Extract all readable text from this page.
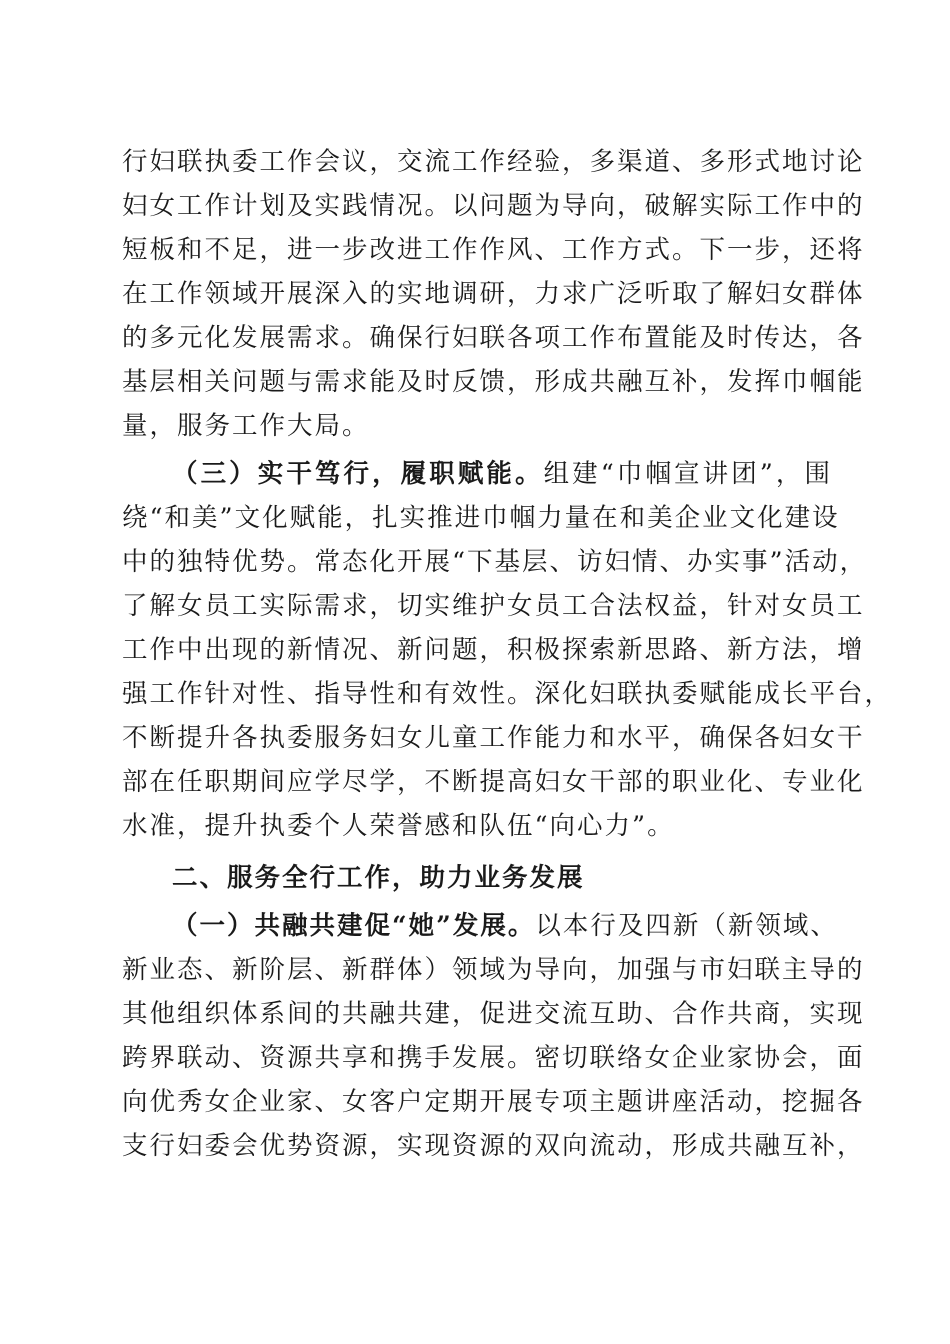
行妇联执委工作会议，交流工作经验，多渠道、多形式地讨论
妇女工作计划及实践情况。以问题为导向，破解实际工作中的
短板和不足，进一步改进工作作风、工作方式。下一步，还将
在工作领域开展深入的实地调研，力求广泛听取了解妇女群体
的多元化发展需求。确保行妇联各项工作布置能及时传达，各
基层相关问题与需求能及时反馈，形成共融互补，发挥巾帼能
量，服务工作大局。
（三）实干笃行，履职赋能。组建“巾帼宣讲团”，围
绕“和美”文化赋能，扎实推进巾帼力量在和美企业文化建设
中的独特优势。常态化开展“下基层、访妇情、办实事”活动，
了解女员工实际需求，切实维护女员工合法权益，针对女员工
工作中出现的新情况、新问题，积极探索新思路、新方法，增
强工作针对性、指导性和有效性。深化妇联执委赋能成长平台，
不断提升各执委服务妇女儿童工作能力和水平，确保各妇女干
部在任职期间应学尽学，不断提高妇女干部的职业化、专业化
水准，提升执委个人荣誉感和队伍“向心力”。
二、服务全行工作，助力业务发展
（一）共融共建促“她”发展。以本行及四新（新领域、
新业态、新阶层、新群体）领域为导向，加强与市妇联主导的
其他组织体系间的共融共建，促进交流互助、合作共商，实现
跨界联动、资源共享和携手发展。密切联络女企业家协会，面
向优秀女企业家、女客户定期开展专项主题讲座活动，挖掘各
支行妇委会优势资源，实现资源的双向流动，形成共融互补，
